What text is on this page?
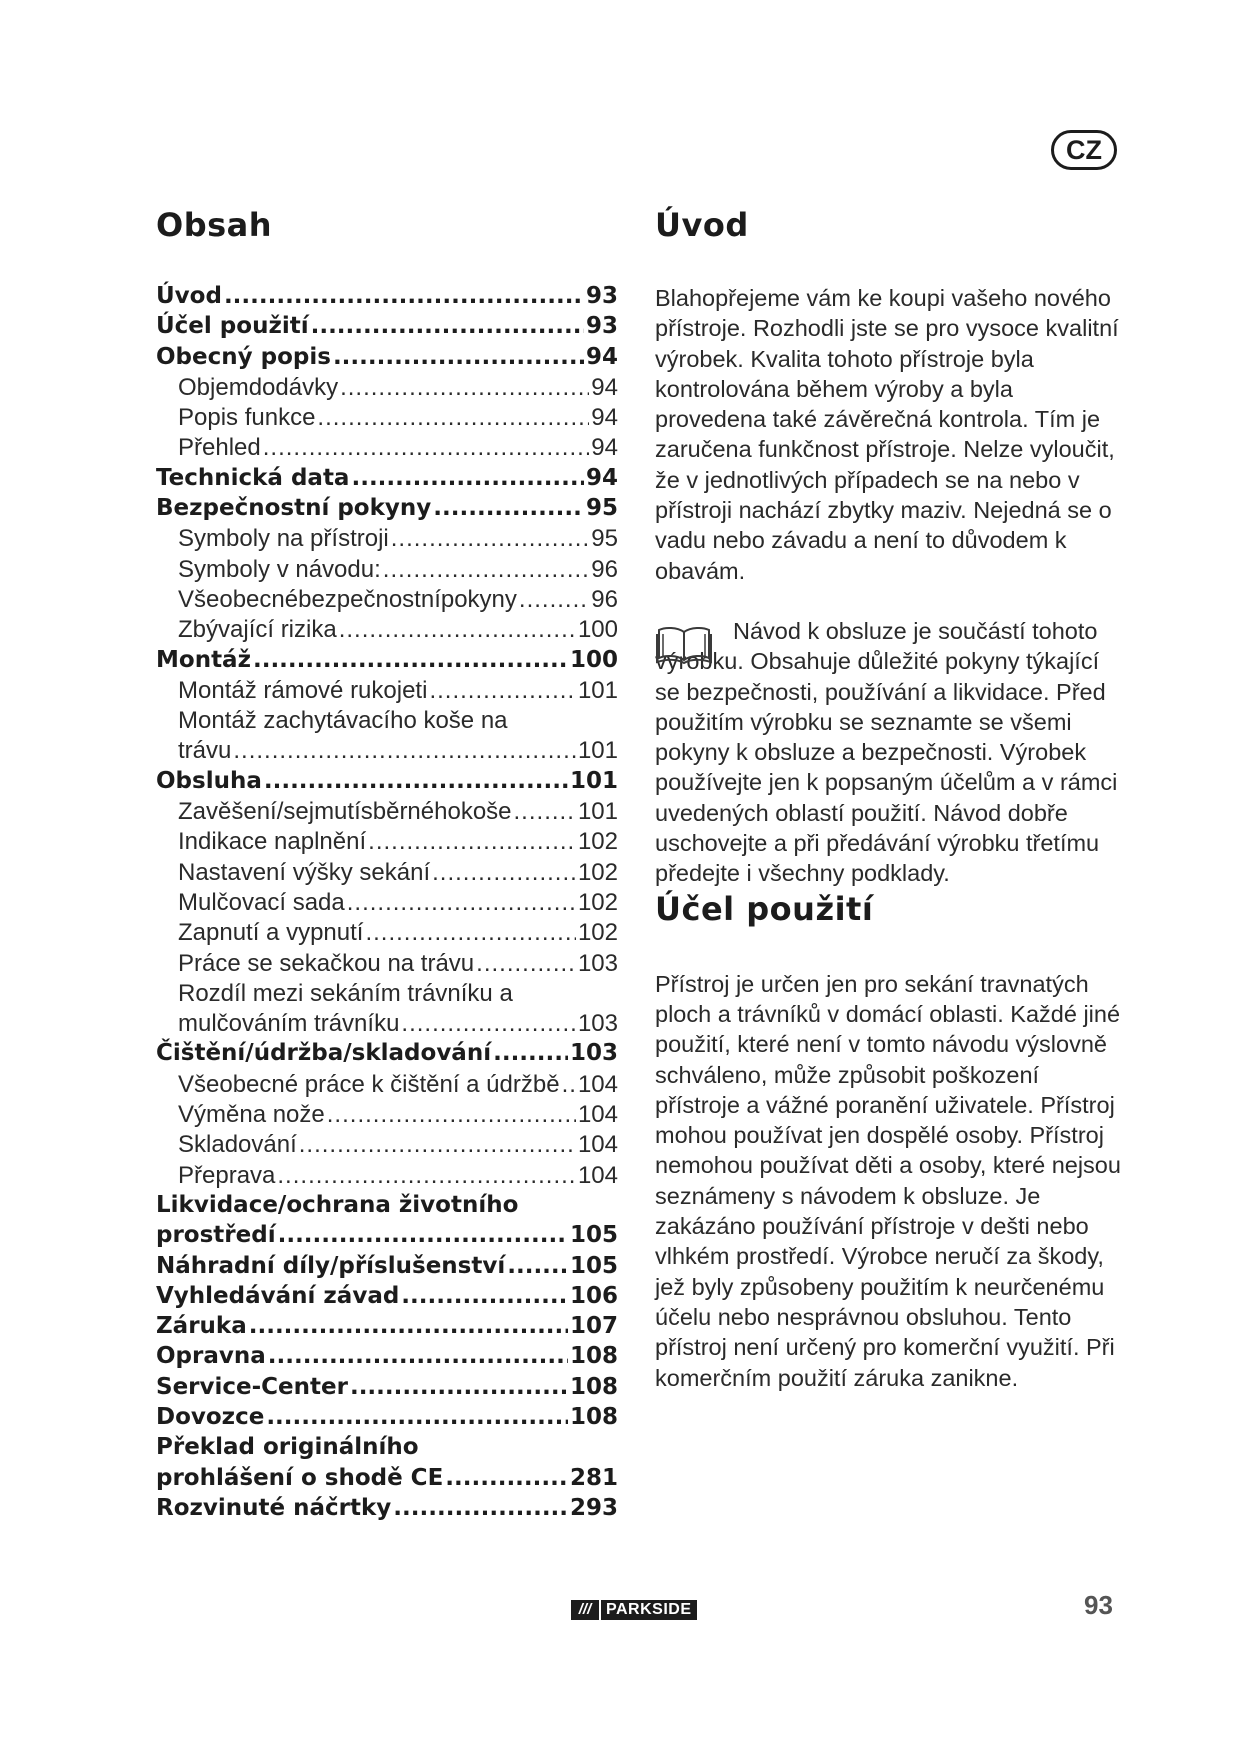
CZ
Obsah
Úvod .....	93
Účel použití .....	93
Obecný popis .....	94
Objemdodávky .....	94
Popis funkce .....	94
Přehled .....	94
Technická data .....	94
Bezpečnostní pokyny .....	95
Symboly na přístroji .....	95
Symboly v návodu: .....	96
Všeobecnébezpečnostnípokyny .....	96
Zbývající rizika .....	100
Montáž .....	100
Montáž rámové rukojeti .....	101
Montáž zachytávacího koše na
trávu .....	101
Obsluha .....	101
Zavěšení/sejmutísběrnéhokoše .....	101
Indikace naplnění .....	102
Nastavení výšky sekání .....	102
Mulčovací sada .....	102
Zapnutí a vypnutí .....	102
Práce se sekačkou na trávu .....	103
Rozdíl mezi sekáním trávníku a
mulčováním trávníku .....	103
Čištění/údržba/skladování .....	103
Všeobecné práce k čištění a údržbě ..... 104
Výměna nože .....	104
Skladování .....	104
Přeprava .....	104
Likvidace/ochrana životního
prostředí .....	105
Náhradní díly/příslušenství .....	105
Vyhledávání závad .....	106
Záruka .....	107
Opravna .....	108
Service-Center .....	108
Dovozce .....	108
Překlad originálního
prohlášení o shodě CE .....	281
Rozvinuté náčrtky .....	293
Úvod

Blahopřejeme vám ke koupi vašeho nového přístroje. Rozhodli jste se pro vysoce kvalitní výrobek. Kvalita tohoto přístroje byla kontrolována během výroby a byla provedena také závěrečná kontrola. Tím je zaručena funkčnost přístroje. Nelze vyloučit, že v jednotlivých případech se na nebo v přístroji nachází zbytky maziv. Nejedná se o vadu nebo závadu a není to důvodem k obavám.

Návod k obsluze je součástí tohoto výrobku. Obsahuje důležité pokyny týkající se bezpečnosti, používání a likvidace. Před použitím výrobku se seznamte se všemi pokyny k obsluze a bezpečnosti. Výrobek používejte jen k popsaným účelům a v rámci uvedených oblastí použití. Návod dobře uschovejte a při předávání výrobku třetímu předejte i všechny podklady.

Účel použití

Přístroj je určen jen pro sekání travnatých ploch a trávníků v domácí oblasti. Každé jiné použití, které není v tomto návodu výslovně schváleno, může způsobit poškození přístroje a vážné poranění uživatele. Přístroj mohou používat jen dospělé osoby. Přístroj nemohou používat děti a osoby, které nejsou seznámeny s návodem k obsluze. Je zakázáno používání přístroje v dešti nebo vlhkém prostředí. Výrobce neručí za škody, jež byly způsobeny použitím k neurčenému účelu nebo nesprávnou obsluhou. Tento přístroj není určený pro komerční využití. Při komerčním použití záruka zanikne.

/// PARKSIDE	93
